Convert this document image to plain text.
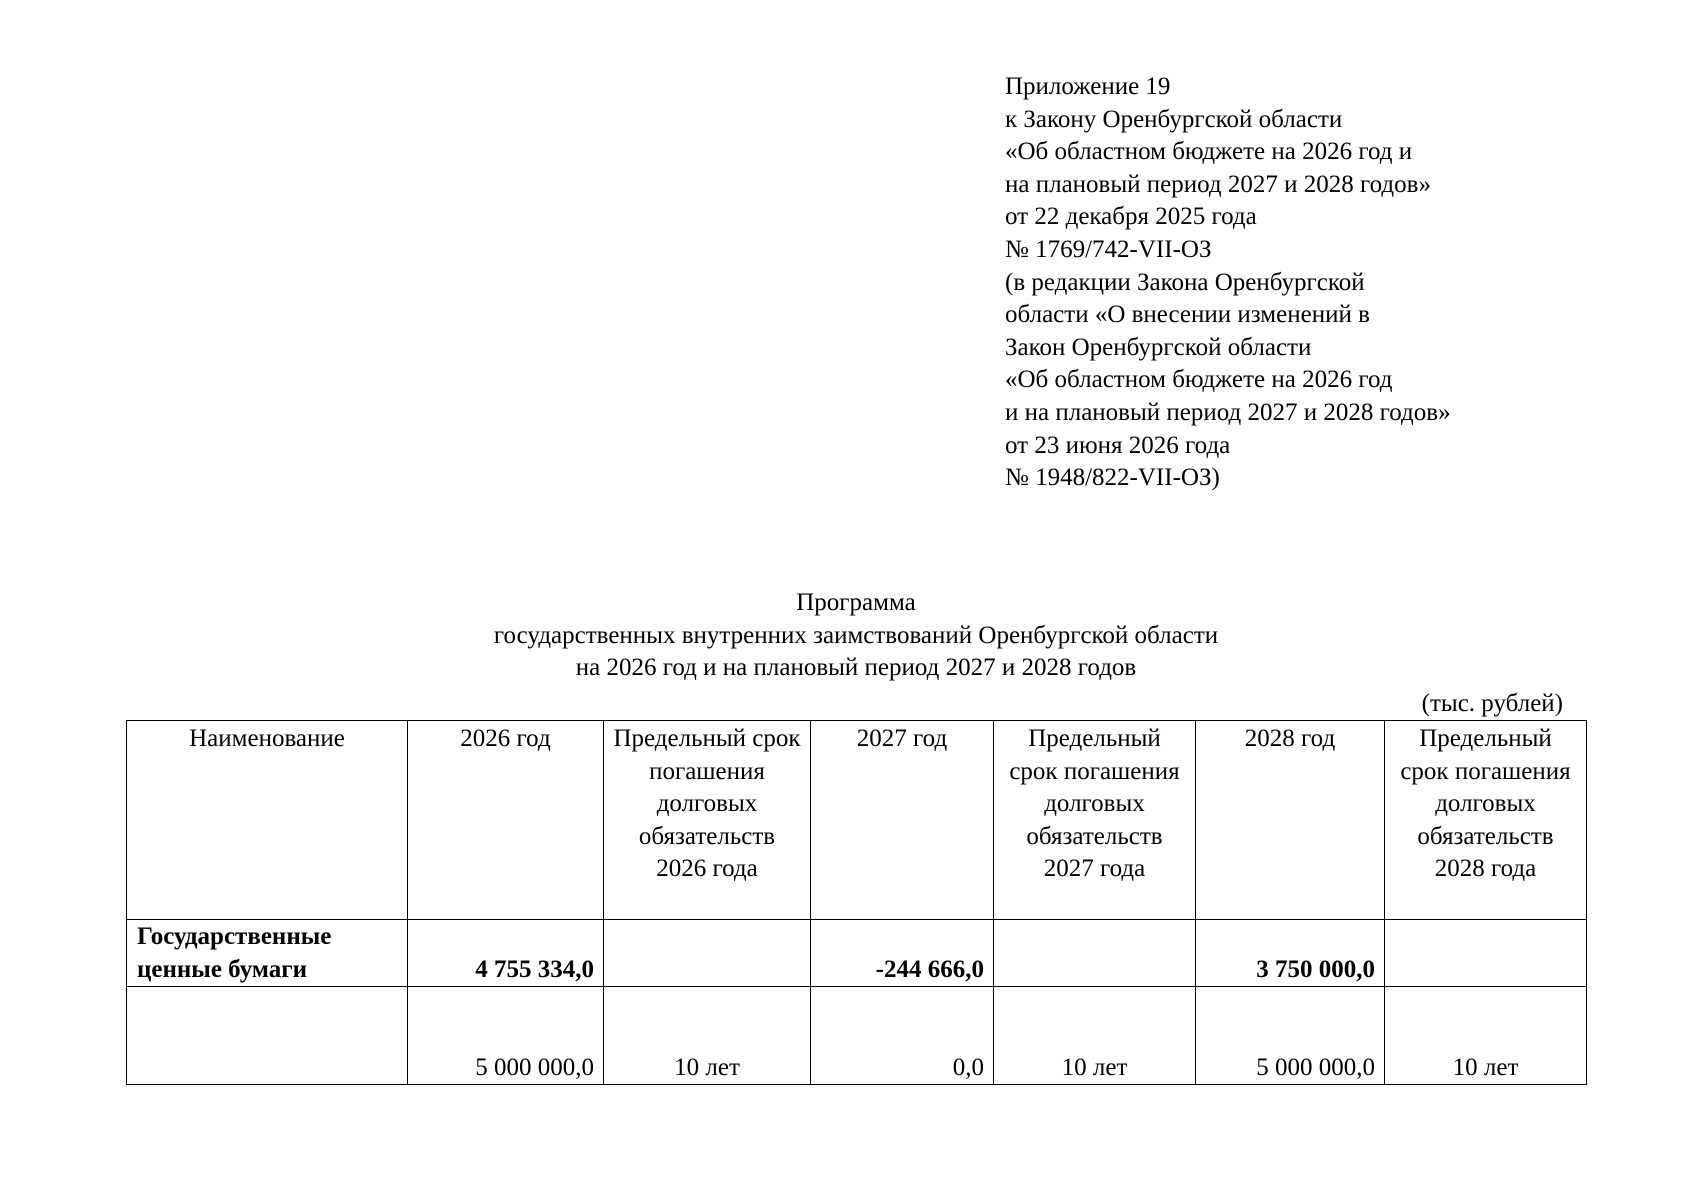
Приложение 19
к Закону Оренбургской области
«Об областном бюджете на 2026 год и
на плановый период 2027 и 2028 годов»
от 22 декабря 2025 года
№ 1769/742-VII-ОЗ
(в редакции Закона Оренбургской
области «О внесении изменений в
Закон Оренбургской области
«Об областном бюджете на 2026 год
и на плановый период 2027 и 2028 годов»
от 23 июня 2026 года
№ 1948/822-VII-ОЗ)
Программа
государственных внутренних заимствований Оренбургской области
на 2026 год и на плановый период 2027 и 2028 годов
(тыс. рублей)
Наименование	2026 год	Предельный срок погашения долговых обязательств 2026 года	2027 год	Предельный срок погашения долговых обязательств 2027 года	2028 год	Предельный срок погашения долговых обязательств 2028 года
Государственные ценные бумаги	4 755 334,0		-244 666,0		3 750 000,0	
	5 000 000,0	10 лет	0,0	10 лет	5 000 000,0	10 лет
